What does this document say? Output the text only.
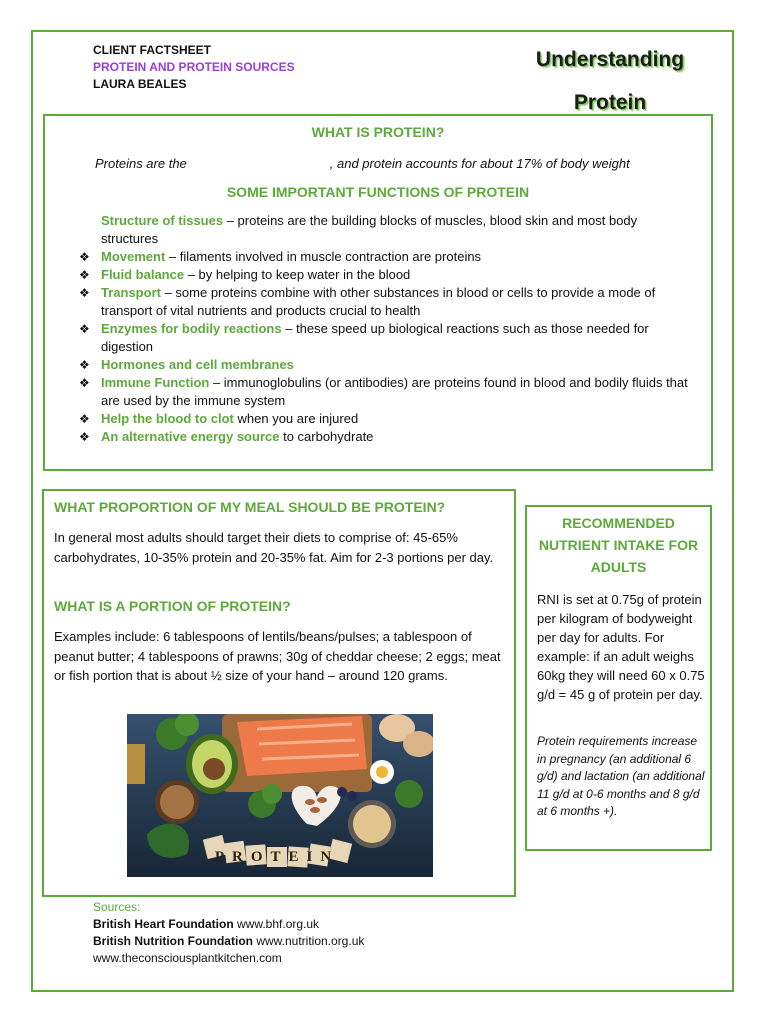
CLIENT FACTSHEET
PROTEIN AND PROTEIN SOURCES
LAURA BEALES
Understanding
Protein
WHAT IS PROTEIN?
Proteins are the	, and protein accounts for about 17% of body weight
SOME IMPORTANT FUNCTIONS OF PROTEIN
Structure of tissues – proteins are the building blocks of muscles, blood skin and most body structures
❖ Movement – filaments involved in muscle contraction are proteins
❖ Fluid balance – by helping to keep water in the blood
❖ Transport – some proteins combine with other substances in blood or cells to provide a mode of transport of vital nutrients and products crucial to health
❖ Enzymes for bodily reactions – these speed up biological reactions such as those needed for digestion
❖ Hormones and cell membranes
❖ Immune Function – immunoglobulins (or antibodies) are proteins found in blood and bodily fluids that are used by the immune system
❖ Help the blood to clot when you are injured
❖ An alternative energy source to carbohydrate
WHAT PROPORTION OF MY MEAL SHOULD BE PROTEIN?

In general most adults should target their diets to comprise of: 45-65% carbohydrates, 10-35% protein and 20-35% fat. Aim for 2-3 portions per day.

WHAT IS A PORTION OF PROTEIN?

Examples include: 6 tablespoons of lentils/beans/pulses; a tablespoon of peanut butter; 4 tablespoons of prawns; 30g of cheddar cheese; 2 eggs; meat or fish portion that is about ½ size of your hand – around 120 grams.

PROTEIN
RECOMMENDED NUTRIENT INTAKE FOR ADULTS

RNI is set at 0.75g of protein per kilogram of bodyweight per day for adults. For example: if an adult weighs 60kg they will need 60 x 0.75 g/d = 45 g of protein per day.

Protein requirements increase in pregnancy (an additional 6 g/d) and lactation (an additional 11 g/d at 0-6 months and 8 g/d at 6 months +).

Sources:
British Heart Foundation www.bhf.org.uk
British Nutrition Foundation www.nutrition.org.uk
www.theconsciousplantkitchen.com
